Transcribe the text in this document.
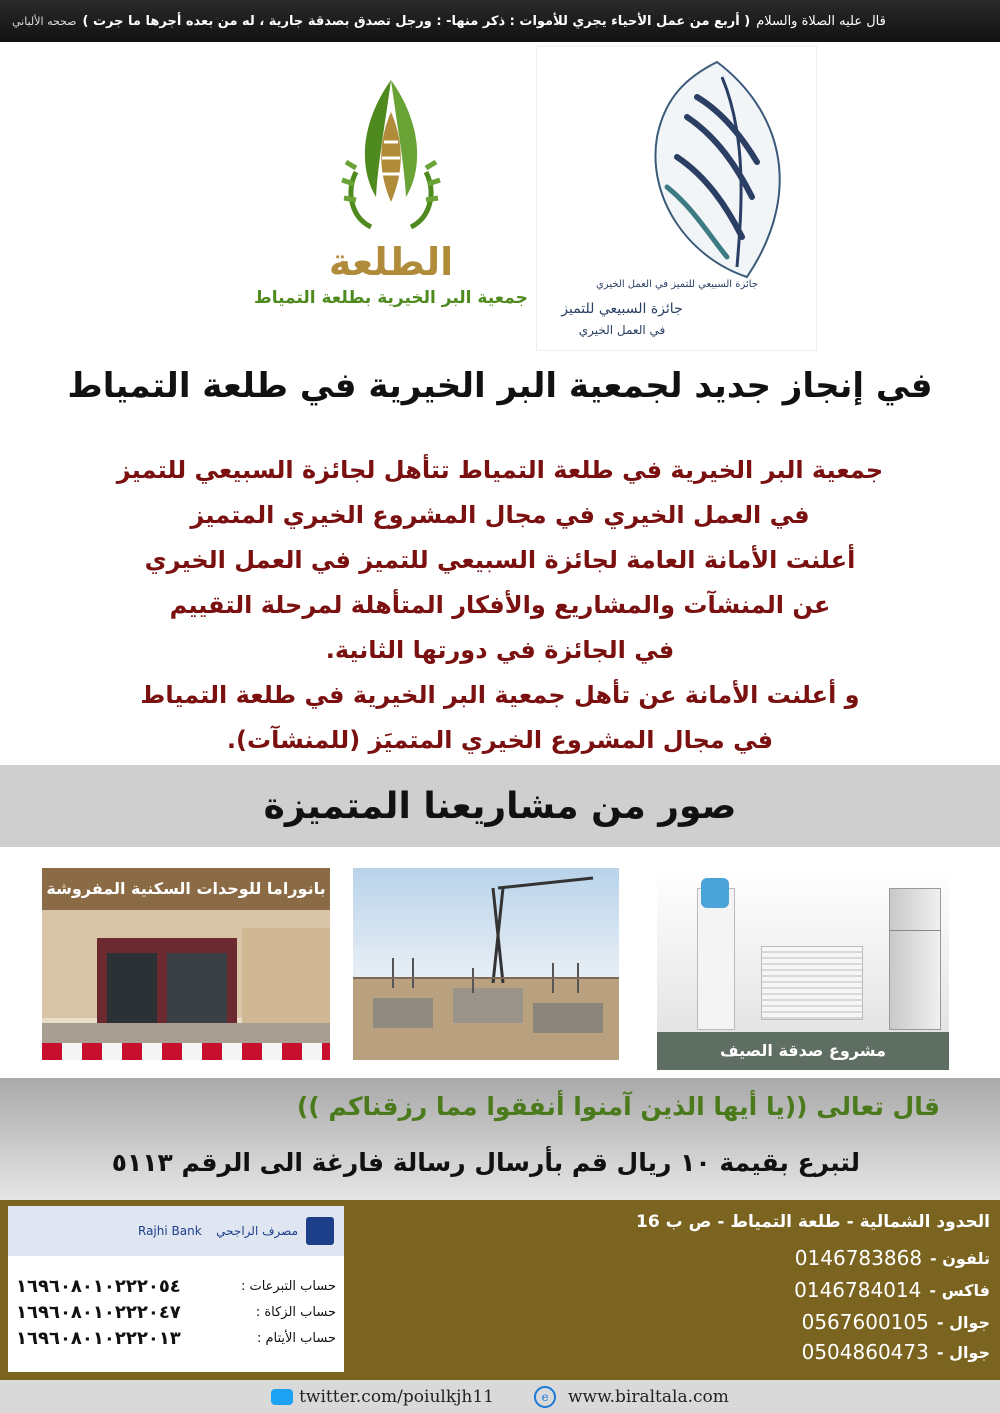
قال عليه الصلاة والسلام
( أربع من عمل الأحياء يجري للأموات : ذكر منها- : ورجل تصدق بصدقة جارية ، له من بعده أجرها ما جرت )
صححه الألباني
الطلعة
جمعية البر الخيرية بطلعة التمياط
جائزة السبيعي للتميز في العمل الخيري
جائزة السبيعي للتميز
في العمل الخيري
في إنجاز جديد لجمعية البر الخيرية في طلعة التمياط
جمعية البر الخيرية في طلعة التمياط تتأهل لجائزة السبيعي للتميز
في العمل الخيري في مجال المشروع الخيري المتميز
أعلنت الأمانة العامة لجائزة السبيعي للتميز في العمل الخيري
عن المنشآت والمشاريع والأفكار المتأهلة لمرحلة التقييم
في الجائزة في دورتها الثانية.
و أعلنت الأمانة عن تأهل جمعية البر الخيرية في طلعة التمياط
في مجال المشروع الخيري المتميَز (للمنشآت).
صور من مشاريعنا المتميزة
بانوراما للوحدات السكنية المفروشة
مشروع صدقة الصيف
قال تعالى ((يا أيها الذين آمنوا أنفقوا مما رزقناكم ))
لتبرع بقيمة ١٠ ريال قم بأرسال رسالة فارغة الى الرقم ٥١١٣
الحدود الشمالية - طلعة التمياط - ص ب 16
0146783868 تلفون -
0146784014 فاكس -
0567600105 جوال -
0504860473 جوال -
Rajhi Bank مصرف الراجحي
١٦٩٦٠٨٠١٠٢٢٢٠٥٤	حساب التبرعات :
١٦٩٦٠٨٠١٠٢٢٢٠٤٧	حساب الزكاة :
١٦٩٦٠٨٠١٠٢٢٢٠١٣	حساب الأيتام :
twitter.com/poiulkjh11	e	www.biraltala.com
